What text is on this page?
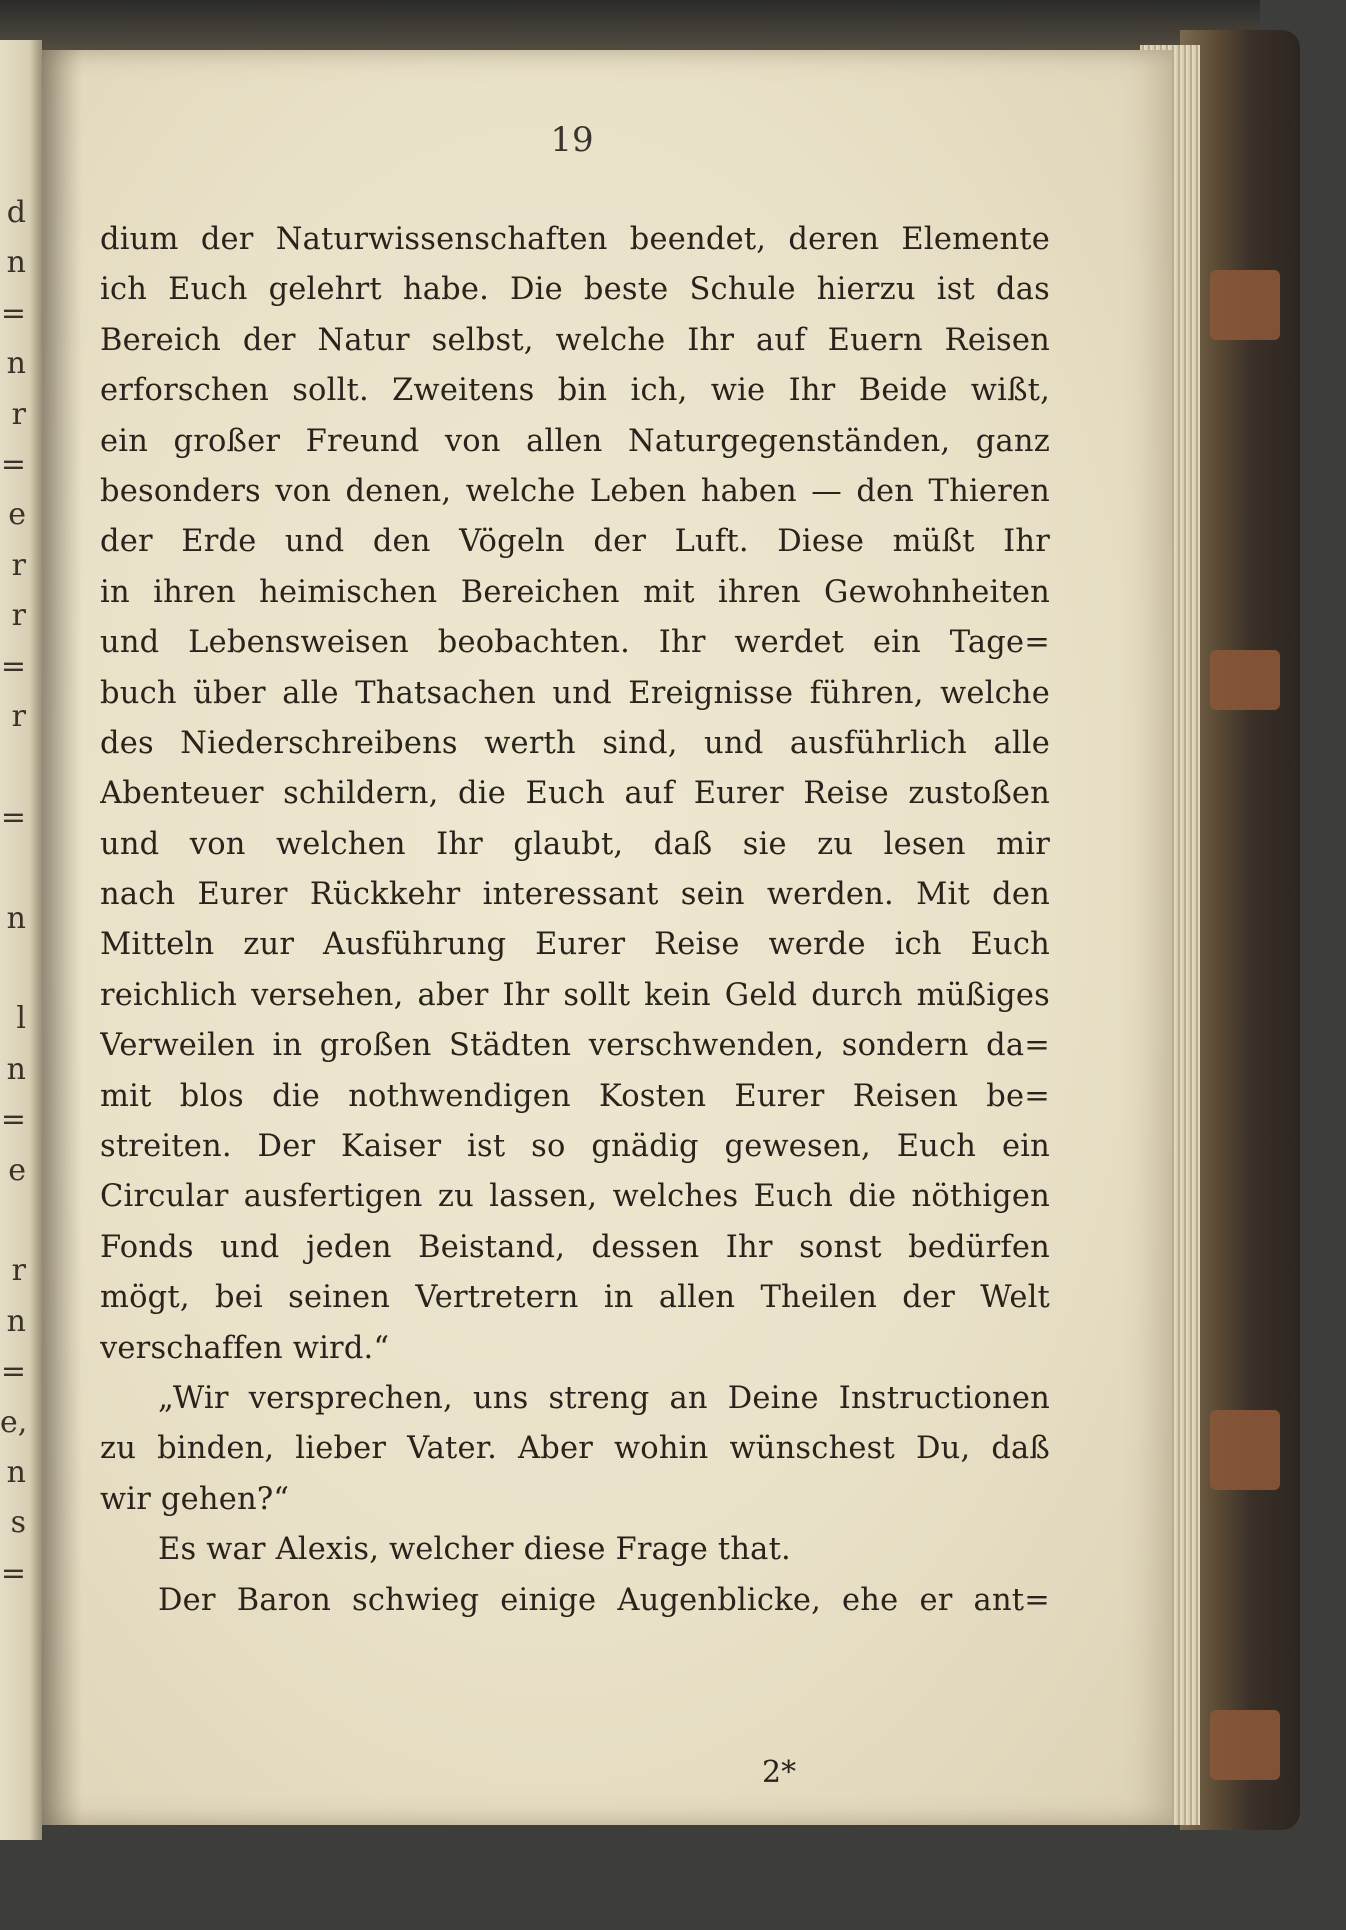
d
n
=
n
r
=
e
r
r
=
r
=
n
l
n
=
e
r
n
=
e,
n
s
=
19
dium der Naturwissenschaften beendet, deren Elemente
ich Euch gelehrt habe. Die beste Schule hierzu ist das
Bereich der Natur selbst, welche Ihr auf Euern Reisen
erforschen sollt. Zweitens bin ich, wie Ihr Beide wißt,
ein großer Freund von allen Naturgegenständen, ganz
besonders von denen, welche Leben haben — den Thieren
der Erde und den Vögeln der Luft. Diese müßt Ihr
in ihren heimischen Bereichen mit ihren Gewohnheiten
und Lebensweisen beobachten. Ihr werdet ein Tage=
buch über alle Thatsachen und Ereignisse führen, welche
des Niederschreibens werth sind, und ausführlich alle
Abenteuer schildern, die Euch auf Eurer Reise zustoßen
und von welchen Ihr glaubt, daß sie zu lesen mir
nach Eurer Rückkehr interessant sein werden. Mit den
Mitteln zur Ausführung Eurer Reise werde ich Euch
reichlich versehen, aber Ihr sollt kein Geld durch müßiges
Verweilen in großen Städten verschwenden, sondern da=
mit blos die nothwendigen Kosten Eurer Reisen be=
streiten. Der Kaiser ist so gnädig gewesen, Euch ein
Circular ausfertigen zu lassen, welches Euch die nöthigen
Fonds und jeden Beistand, dessen Ihr sonst bedürfen
mögt, bei seinen Vertretern in allen Theilen der Welt
verschaffen wird.“
„Wir versprechen, uns streng an Deine Instructionen
zu binden, lieber Vater. Aber wohin wünschest Du, daß
wir gehen?“
Es war Alexis, welcher diese Frage that.
Der Baron schwieg einige Augenblicke, ehe er ant=
2*
